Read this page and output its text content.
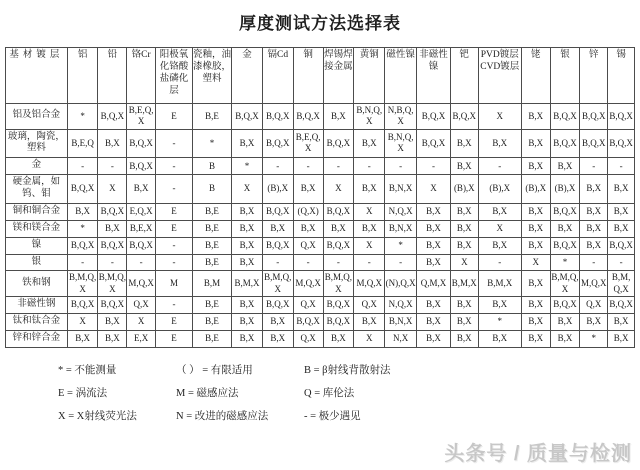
厚度测试方法选择表
基材镀层	铝	铅	铬Cr	阳极氧化铬酸盐磷化层	瓷釉，油漆橡胶，塑料	金	镉Cd	铜	焊锡焊接金属	黄铜	磁性镍	非磁性镍	钯	PVD镀层CVD镀层	铑	银	锌	锡
铝及铝合金	*	B,Q,X	B,E,Q,X	E	B,E	B,Q,X	B,Q,X	B,Q,X	B,X	B,N,Q,X	N,B,Q,X	B,Q,X	B,Q,X	X	B,X	B,Q,X	B,Q,X	B,Q,X
玻璃，陶瓷，塑料	B,E,Q	B,X	B,Q,X	-	*	B,X	B,Q,X	B,E,Q,X	B,Q,X	B,X	B,N,Q,X	B,Q,X	B,X	B,X	B,X	B,Q,X	B,Q,X	B,Q,X
金	-	-	B,Q,X	-	B	*	-	-	-	-	-	-	B,X	-	B,X	B,X	-	-
硬金属，如钨、钼	B,Q,X	X	B,X	-	B	X	(B),X	B,X	X	B,X	B,N,X	X	(B),X	(B),X	(B),X	(B),X	B,X	B,X
铜和铜合金	B,X	B,Q,X	E,Q,X	E	B,E	B,X	B,Q,X	(Q,X)	B,Q,X	X	N,Q,X	B,X	B,X	B,X	B,X	B,Q,X	B,X	B,X
镁和镁合金	*	B,X	B,E,X	E	B,E	B,X	B,X	B,X	B,X	B,X	B,N,X	B,X	B,X	X	B,X	B,X	B,X	B,X
镍	B,Q,X	B,Q,X	B,Q,X	-	B,E	B,X	B,Q,X	Q,X	B,Q,X	X	*	B,X	B,X	B,X	B,X	B,Q,X	B,X	B,Q,X
银	-	-	-	-	B,E	B,X	-	-	-	-	-	B,X	X	-	X	*	-	-
铁和钢	B,M,Q,X	B,M,Q,X	M,Q,X	M	B,M	B,M,X	B,M,Q,X	M,Q,X	B,M,Q,X	M,Q,X	(N),Q,X	Q,M,X	B,M,X	B,M,X	B,X	B,M,Q,X	M,Q,X	B,M,Q,X
非磁性钢	B,Q,X	B,Q,X	Q,X	-	B,E	B,X	B,Q,X	Q,X	B,Q,X	Q,X	N,Q,X	B,X	B,X	B,X	B,X	B,Q,X	Q,X	B,Q,X
钛和钛合金	X	B,X	X	E	B,E	B,X	B,X	B,Q,X	B,Q,X	B,X	B,N,X	B,X	B,X	*	B,X	B,X	B,X	B,X
锌和锌合金	B,X	B,X	E,X	E	B,E	B,X	B,X	Q,X	B,X	X	N,X	B,X	B,X	B,X	B,X	B,X	*	B,X
* = 不能测量	（ ） = 有限适用	B = β射线背散射法
E = 涡流法	M = 磁感应法	Q = 库伦法
X = X射线荧光法	N = 改进的磁感应法	- = 极少遇见
头条号 / 质量与检测
